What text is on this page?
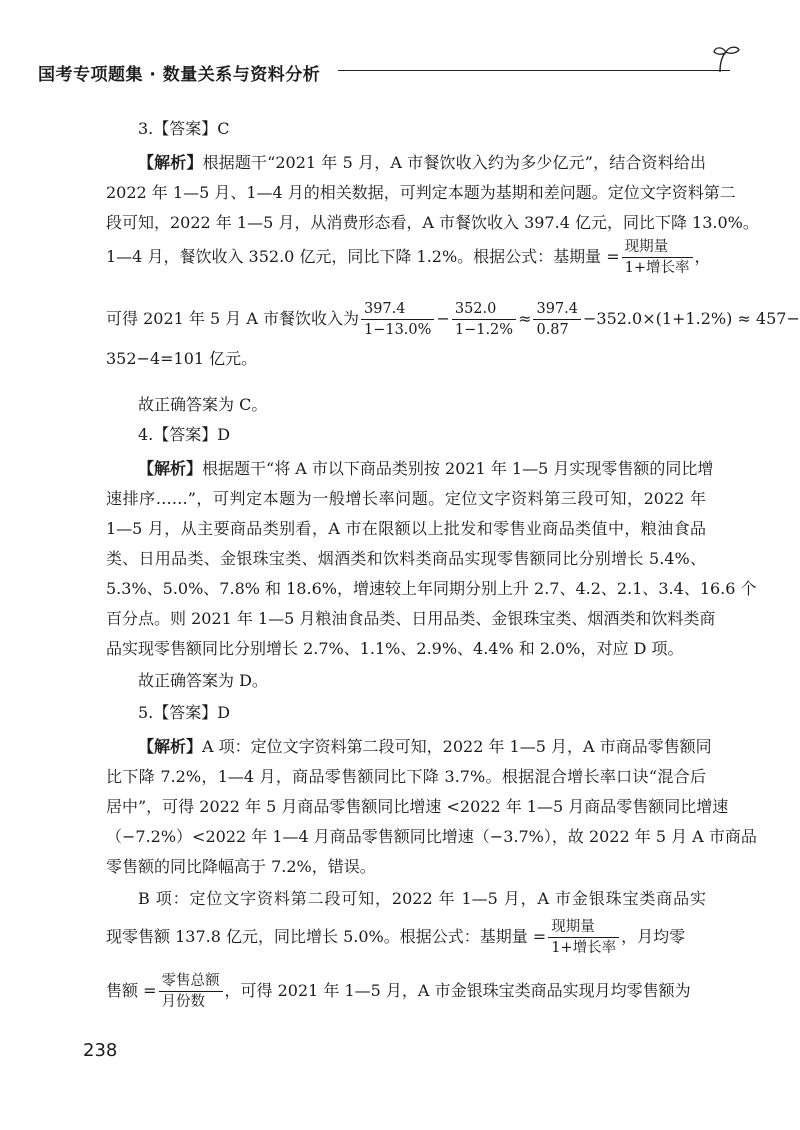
国考专项题集 · 数量关系与资料分析
3.【答案】C
【解析】根据题干“2021 年 5 月，A 市餐饮收入约为多少亿元”，结合资料给出
2022 年 1—5 月、1—4 月的相关数据，可判定本题为基期和差问题。定位文字资料第二
段可知，2022 年 1—5 月，从消费形态看，A 市餐饮收入 397.4 亿元，同比下降 13.0%。
1—4 月，餐饮收入 352.0 亿元，同比下降 1.2%。根据公式：基期量 = $\frac{\text{现期量}}{\text{1+增长率}}$ ，
可得 2021 年 5 月 A 市餐饮收入为 $\frac{397.4}{1-13.0\%} - \frac{352.0}{1-1.2\%} \approx \frac{397.4}{0.87} -352.0\times(1+1.2\%) \approx 457-$
352−4=101 亿元。
故正确答案为 C。
4.【答案】D
【解析】根据题干“将 A 市以下商品类别按 2021 年 1—5 月实现零售额的同比增
速排序……”，可判定本题为一般增长率问题。定位文字资料第三段可知，2022 年
1—5 月，从主要商品类别看，A 市在限额以上批发和零售业商品类值中，粮油食品
类、日用品类、金银珠宝类、烟酒类和饮料类商品实现零售额同比分别增长 5.4%、
5.3%、5.0%、7.8% 和 18.6%，增速较上年同期分别上升 2.7、4.2、2.1、3.4、16.6 个
百分点。则 2021 年 1—5 月粮油食品类、日用品类、金银珠宝类、烟酒类和饮料类商
品实现零售额同比分别增长 2.7%、1.1%、2.9%、4.4% 和 2.0%，对应 D 项。
故正确答案为 D。
5.【答案】D
【解析】A 项：定位文字资料第二段可知，2022 年 1—5 月，A 市商品零售额同
比下降 7.2%，1—4 月，商品零售额同比下降 3.7%。根据混合增长率口诀“混合后
居中”，可得 2022 年 5 月商品零售额同比增速 <2022 年 1—5 月商品零售额同比增速
（−7.2%）<2022 年 1—4 月商品零售额同比增速（−3.7%），故 2022 年 5 月 A 市商品
零售额的同比降幅高于 7.2%，错误。
B 项：定位文字资料第二段可知，2022 年 1—5 月，A 市金银珠宝类商品实
现零售额 137.8 亿元，同比增长 5.0%。根据公式：基期量 = $\frac{\text{现期量}}{\text{1+增长率}}$ ，月均零
售额 = $\frac{\text{零售总额}}{\text{月份数}}$ ，可得 2021 年 1—5 月，A 市金银珠宝类商品实现月均零售额为
238
